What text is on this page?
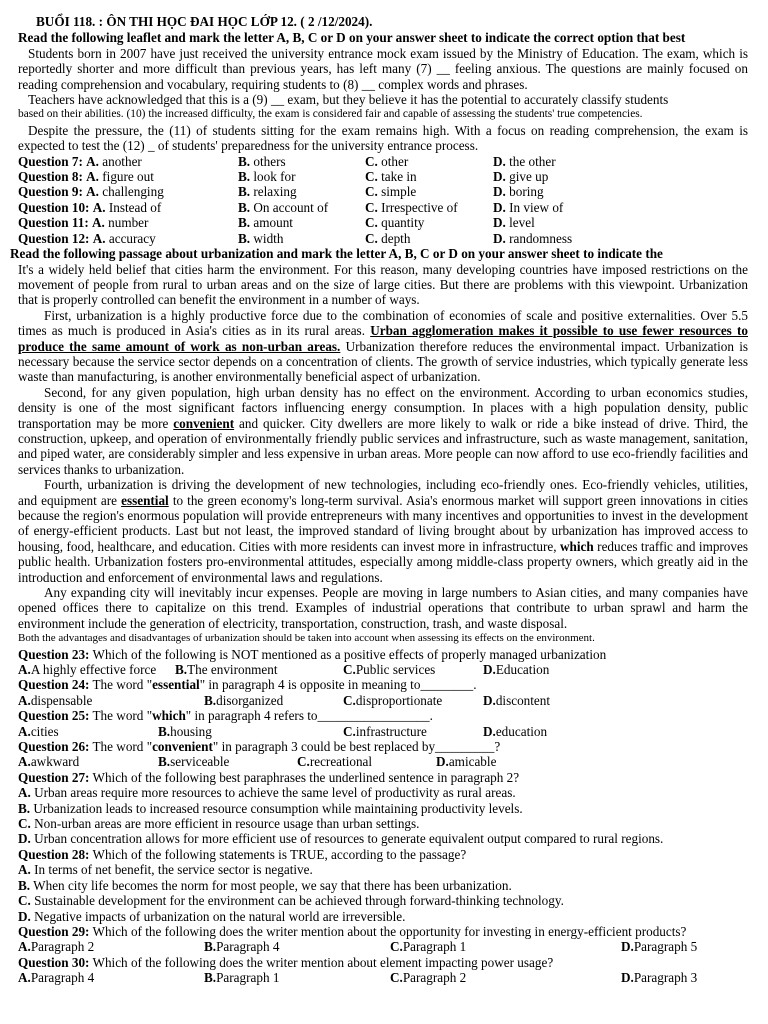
BUỔI 118. : ÔN THI HỌC ĐAI HỌC LỚP 12. ( 2 /12/2024).
Read the following leaflet and mark the letter A, B, C or D on your answer sheet to indicate the correct option that best
Students born in 2007 have just received the university entrance mock exam issued by the Ministry of Education. The exam, which is reportedly shorter and more difficult than previous years, has left many (7) __ feeling anxious. The questions are mainly focused on reading comprehension and vocabulary, requiring students to (8) __ complex words and phrases.
Teachers have acknowledged that this is a (9) __ exam, but they believe it has the potential to accurately classify students
based on their abilities. (10) the increased difficulty, the exam is considered fair and capable of assessing the students' true competencies.
Despite the pressure, the (11) of students sitting for the exam remains high. With a focus on reading comprehension, the exam is expected to test the (12) _ of students' preparedness for the university entrance process.
Question 7: A. another	B. others	C. other	D. the other
Question 8: A. figure out	B. look for	C. take in	D. give up
Question 9: A. challenging	B. relaxing	C. simple	D. boring
Question 10: A. Instead of	B. On account of	C. Irrespective of	D. In view of
Question 11: A. number	B. amount	C. quantity	D. level
Question 12: A. accuracy	B. width	C. depth	D. randomness
Read the following passage about urbanization and mark the letter A, B, C or D on your answer sheet to indicate the
It's a widely held belief that cities harm the environment. For this reason, many developing countries have imposed restrictions on the movement of people from rural to urban areas and on the size of large cities. But there are problems with this viewpoint. Urbanization that is properly controlled can benefit the environment in a number of ways.
First, urbanization is a highly productive force due to the combination of economies of scale and positive externalities. Over 5.5 times as much is produced in Asia's cities as in its rural areas. Urban agglomeration makes it possible to use fewer resources to produce the same amount of work as non-urban areas. Urbanization therefore reduces the environmental impact. Urbanization is necessary because the service sector depends on a concentration of clients. The growth of service industries, which typically generate less waste than manufacturing, is another environmentally beneficial aspect of urbanization.
Second, for any given population, high urban density has no effect on the environment. According to urban economics studies, density is one of the most significant factors influencing energy consumption. In places with a high population density, public transportation may be more convenient and quicker. City dwellers are more likely to walk or ride a bike instead of drive. Third, the construction, upkeep, and operation of environmentally friendly public services and infrastructure, such as waste management, sanitation, and piped water, are considerably simpler and less expensive in urban areas. More people can now afford to use eco-friendly facilities and services thanks to urbanization.
Fourth, urbanization is driving the development of new technologies, including eco-friendly ones. Eco-friendly vehicles, utilities, and equipment are essential to the green economy's long-term survival. Asia's enormous market will support green innovations in cities because the region's enormous population will provide entrepreneurs with many incentives and opportunities to invest in the development of energy-efficient products. Last but not least, the improved standard of living brought about by urbanization has improved access to housing, food, healthcare, and education. Cities with more residents can invest more in infrastructure, which reduces traffic and improves public health. Urbanization fosters pro-environmental attitudes, especially among middle-class property owners, which greatly aid in the introduction and enforcement of environmental laws and regulations.
Any expanding city will inevitably incur expenses. People are moving in large numbers to Asian cities, and many companies have opened offices there to capitalize on this trend. Examples of industrial operations that contribute to urban sprawl and harm the environment include the generation of electricity, transportation, construction, trash, and waste disposal.
Both the advantages and disadvantages of urbanization should be taken into account when assessing its effects on the environment.
Question 23: Which of the following is NOT mentioned as a positive effects of properly managed urbanization
A. A highly effective force B. The environment	C. Public services	D. Education
Question 24: The word "essential" in paragraph 4 is opposite in meaning to________.
A. dispensable	B. disorganized	C. disproportionate	D. discontent
Question 25: The word "which" in paragraph 4 refers to_________________.
A. cities	B. housing	C. infrastructure	D. education
Question 26: The word "convenient" in paragraph 3 could be best replaced by_________?
A. awkward	B. serviceable	C. recreational	D. amicable
Question 27: Which of the following best paraphrases the underlined sentence in paragraph 2?
A. Urban areas require more resources to achieve the same level of productivity as rural areas.
B. Urbanization leads to increased resource consumption while maintaining productivity levels.
C. Non-urban areas are more efficient in resource usage than urban settings.
D. Urban concentration allows for more efficient use of resources to generate equivalent output compared to rural regions.
Question 28: Which of the following statements is TRUE, according to the passage?
A. In terms of net benefit, the service sector is negative.
B. When city life becomes the norm for most people, we say that there has been urbanization.
C. Sustainable development for the environment can be achieved through forward-thinking technology.
D. Negative impacts of urbanization on the natural world are irreversible.
Question 29: Which of the following does the writer mention about the opportunity for investing in energy-efficient products?
A. Paragraph 2	B. Paragraph 4	C. Paragraph 1	D. Paragraph 5
Question 30: Which of the following does the writer mention about element impacting power usage?
A. Paragraph 4	B. Paragraph 1	C. Paragraph 2	D. Paragraph 3
